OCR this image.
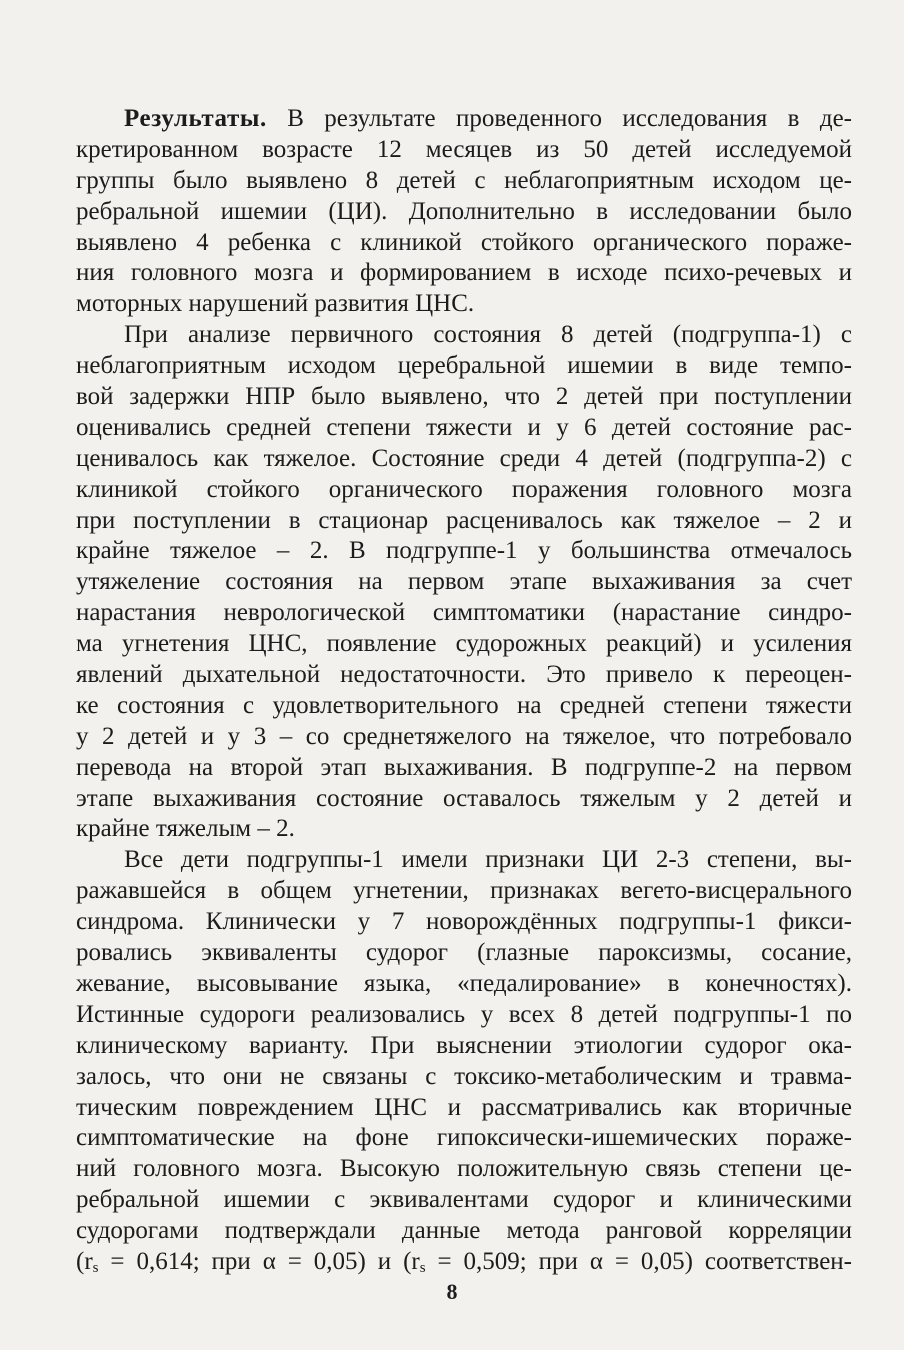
Результаты. В результате проведенного исследования в де-
кретированном возрасте 12 месяцев из 50 детей исследуемой
группы было выявлено 8 детей с неблагоприятным исходом це-
ребральной ишемии (ЦИ). Дополнительно в исследовании было
выявлено 4 ребенка с клиникой стойкого органического пораже-
ния головного мозга и формированием в исходе психо-речевых и
моторных нарушений развития ЦНС.
При анализе первичного состояния 8 детей (подгруппа-1) с
неблагоприятным исходом церебральной ишемии в виде темпо-
вой задержки НПР было выявлено, что 2 детей при поступлении
оценивались средней степени тяжести и у 6 детей состояние рас-
ценивалось как тяжелое. Состояние среди 4 детей (подгруппа-2) с
клиникой стойкого органического поражения головного мозга
при поступлении в стационар расценивалось как тяжелое – 2 и
крайне тяжелое – 2. В подгруппе-1 у большинства отмечалось
утяжеление состояния на первом этапе выхаживания за счет
нарастания неврологической симптоматики (нарастание синдро-
ма угнетения ЦНС, появление судорожных реакций) и усиления
явлений дыхательной недостаточности. Это привело к переоцен-
ке состояния с удовлетворительного на средней степени тяжести
у 2 детей и у 3 – со среднетяжелого на тяжелое, что потребовало
перевода на второй этап выхаживания. В подгруппе-2 на первом
этапе выхаживания состояние оставалось тяжелым у 2 детей и
крайне тяжелым – 2.
Все дети подгруппы-1 имели признаки ЦИ 2-3 степени, вы-
ражавшейся в общем угнетении, признаках вегето-висцерального
синдрома. Клинически у 7 новорождённых подгруппы-1 фикси-
ровались эквиваленты судорог (глазные пароксизмы, сосание,
жевание, высовывание языка, «педалирование» в конечностях).
Истинные судороги реализовались у всех 8 детей подгруппы-1 по
клиническому варианту. При выяснении этиологии судорог ока-
залось, что они не связаны с токсико-метаболическим и травма-
тическим повреждением ЦНС и рассматривались как вторичные
симптоматические на фоне гипоксически-ишемических пораже-
ний головного мозга. Высокую положительную связь степени це-
ребральной ишемии с эквивалентами судорог и клиническими
судорогами подтверждали данные метода ранговой корреляции
($r_s = 0,614$; при α = 0,05) и ($r_s = 0,509$; при α = 0,05) соответствен-
8
